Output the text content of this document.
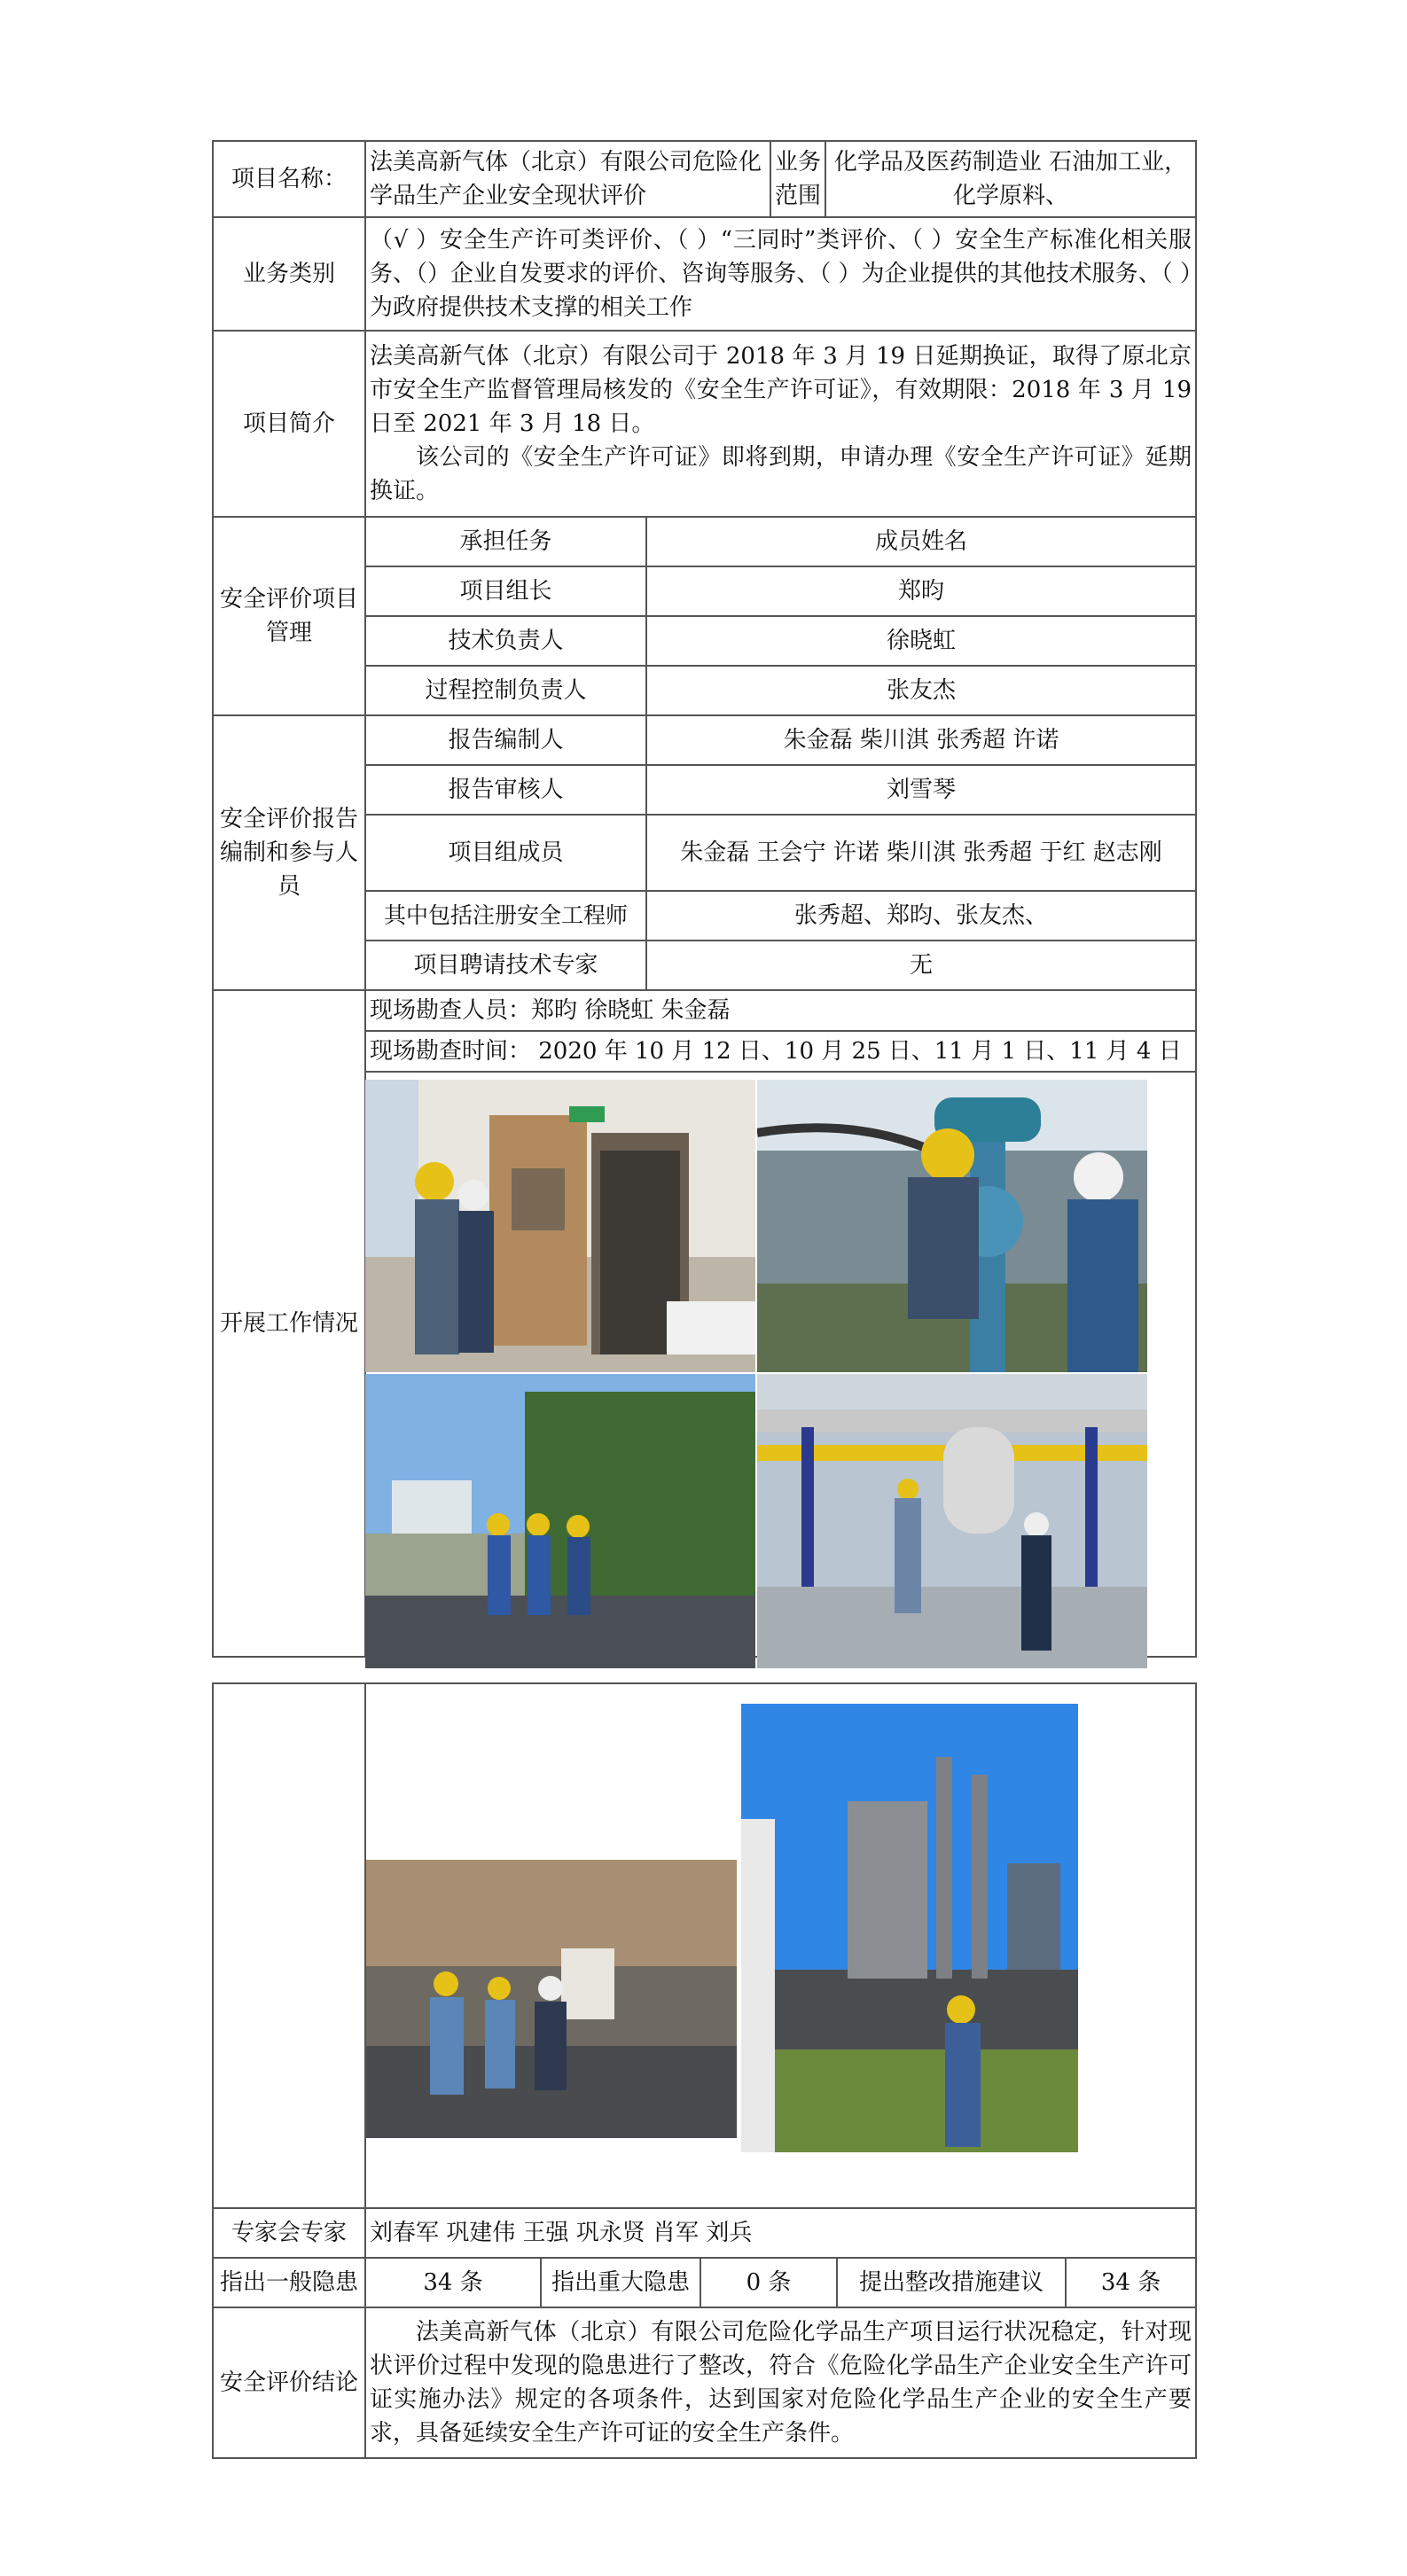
项目名称：	法美高新气体（北京）有限公司危险化学品生产企业安全现状评价		业务范围	化学品及医药制造业 石油加工业，化学原料、
业务类别	（√ ）安全生产许可类评价、（ ）“三同时”类评价、（ ）安全生产标准化相关服务、（）企业自发要求的评价、咨询等服务、（ ）为企业提供的其他技术服务、（ ）为政府提供技术支撑的相关工作			
项目简介	法美高新气体（北京）有限公司于 2018 年 3 月 19 日延期换证，取得了原北京市安全生产监督管理局核发的《安全生产许可证》，有效期限：2018 年 3 月 19 日至 2021 年 3 月 18 日。
该公司的《安全生产许可证》即将到期，申请办理《安全生产许可证》延期换证。			

安全评价项目管理	承担任务	成员姓名		
	项目组长	郑昀		
	技术负责人	徐晓虹		
	过程控制负责人	张友杰		
安全评价报告编制和参与人员	报告编制人	朱金磊 柴川淇 张秀超 许诺		
	报告审核人	刘雪琴		
	项目组成员	朱金磊 王会宁 许诺 柴川淇 张秀超 于红 赵志刚		
	其中包括注册安全工程师	张秀超、郑昀、张友杰、		
	项目聘请技术专家	无		
开展工作情况	现场勘查人员：郑昀 徐晓虹 朱金磊			
	现场勘查时间： 2020 年 10 月 12 日、10 月 25 日、11 月 1 日、11 月 4 日			

专家会专家	刘春军 巩建伟 王强 巩永贤 肖军 刘兵				
指出一般隐患	34 条	指出重大隐患	0 条	提出整改措施建议	34 条
安全评价结论	法美高新气体（北京）有限公司危险化学品生产项目运行状况稳定，针对现状评价过程中发现的隐患进行了整改，符合《危险化学品生产企业安全生产许可证实施办法》规定的各项条件，达到国家对危险化学品生产企业的安全生产要求，具备延续安全生产许可证的安全生产条件。				
